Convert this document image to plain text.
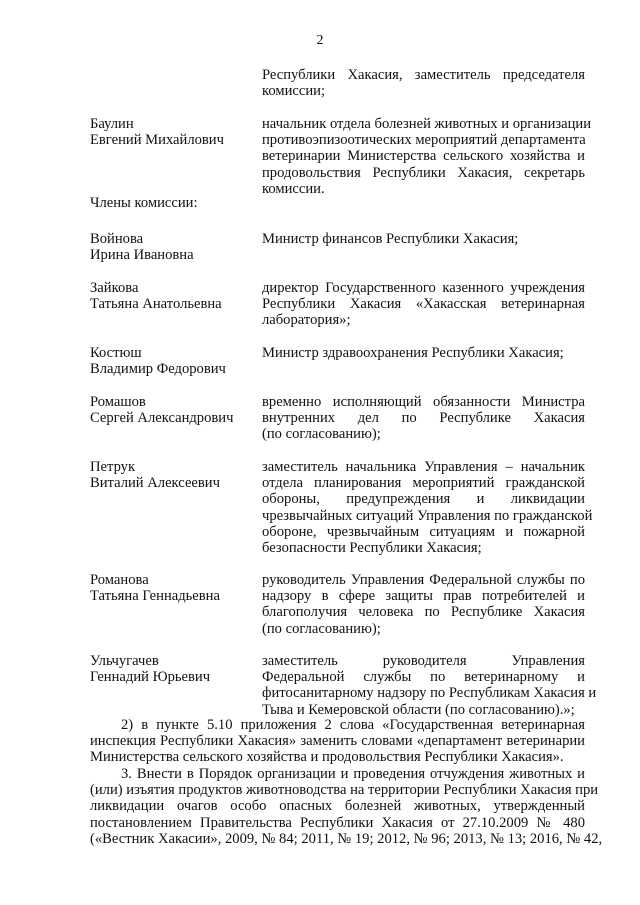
2
Республики Хакасия, заместитель председателя
комиссии;
Баулин
Евгений Михайлович
начальник отдела болезней животных и организации
противоэпизоотических мероприятий департамента
ветеринарии Министерства сельского хозяйства и
продовольствия Республики Хакасия, секретарь
комиссии.
Члены комиссии:
Войнова
Ирина Ивановна
Министр финансов Республики Хакасия;
Зайкова
Татьяна Анатольевна
директор Государственного казенного учреждения
Республики Хакасия «Хакасская ветеринарная
лаборатория»;
Костюш
Владимир Федорович
Министр здравоохранения Республики Хакасия;
Ромашов
Сергей Александрович
временно исполняющий обязанности Министра
внутренних дел по Республике Хакасия
(по согласованию);
Петрук
Виталий Алексеевич
заместитель начальника Управления – начальник
отдела планирования мероприятий гражданской
обороны, предупреждения и ликвидации
чрезвычайных ситуаций Управления по гражданской
обороне, чрезвычайным ситуациям и пожарной
безопасности Республики Хакасия;
Романова
Татьяна Геннадьевна
руководитель Управления Федеральной службы по
надзору в сфере защиты прав потребителей и
благополучия человека по Республике Хакасия
(по согласованию);
Ульчугачев
Геннадий Юрьевич
заместитель руководителя Управления
Федеральной службы по ветеринарному и
фитосанитарному надзору по Республикам Хакасия и
Тыва и Кемеровской области (по согласованию).»;
2) в пункте 5.10 приложения 2 слова «Государственная ветеринарная
инспекция Республики Хакасия» заменить словами «департамент ветеринарии
Министерства сельского хозяйства и продовольствия Республики Хакасия».
3. Внести в Порядок организации и проведения отчуждения животных и
(или) изъятия продуктов животноводства на территории Республики Хакасия при
ликвидации очагов особо опасных болезней животных, утвержденный
постановлением Правительства Республики Хакасия от 27.10.2009 № 480
(«Вестник Хакасии», 2009, № 84; 2011, № 19; 2012, № 96; 2013, № 13; 2016, № 42,
